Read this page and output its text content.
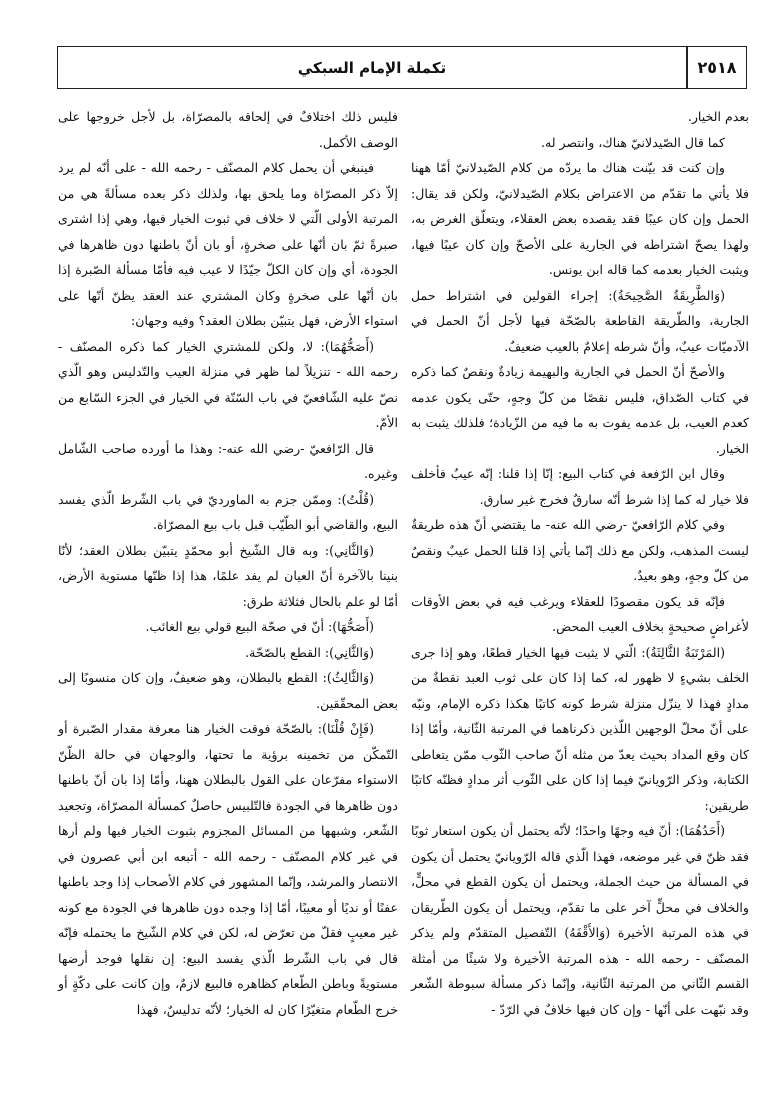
٢٥١٨
تكملة الإمام السبكي

بعدم الخيار.

كما قال الصّيدلانيّ هناك، وانتصر له.

وإن كنت قد بيّنت هناك ما يردّه من كلام الصّيدلانيّ أمّا ههنا فلا يأتي ما تقدّم من الاعتراض بكلام الصّيدلانيّ، ولكن قد يقال: الحمل وإن كان عيبًا فقد يقصده بعض العقلاء، ويتعلّق الغرض به، ولهذا يصحّ اشتراطه في الجارية على الأصحّ وإن كان عيبًا فيها، ويثبت الخيار بعدمه كما قاله ابن يونس.

(وَالطَّرِيقَةُ الصَّحِيحَةُ): إجراء القولين في اشتراط حمل الجارية، والطّريقة القاطعة بالصّحّة فيها لأجل أنّ الحمل في الآدميّات عيبٌ، وأنّ شرطه إعلامٌ بالعيب ضعيفٌ.

والأصحّ أنّ الحمل في الجارية والبهيمة زيادةٌ ونقصٌ كما ذكره في كتاب الصّداق، فليس نقصًا من كلّ وجهٍ، حتّى يكون عدمه كعدم العيب، بل عدمه يفوت به ما فيه من الزّيادة؛ فلذلك يثبت به الخيار.

وقال ابن الرّفعة في كتاب البيع: إنّا إذا قلنا: إنّه عيبٌ فأخلف فلا خيار له كما إذا شرط أنّه سارقٌ فخرج غير سارق.

وفي كلام الرّافعيّ -رضي الله عنه- ما يقتضي أنّ هذه طريقةٌ ليست المذهب، ولكن مع ذلك إنّما يأتي إذا قلنا الحمل عيبٌ ونقصٌ من كلّ وجهٍ، وهو بعيدٌ.

فإنّه قد يكون مقصودًا للعقلاء ويرغب فيه في بعض الأوقات لأغراضٍ صحيحةٍ بخلاف العيب المحض.

(المَرْتَبَةُ الثَّالِثَةُ): الّتي لا يثبت فيها الخيار قطعًا، وهو إذا جرى الخلف بشيءٍ لا ظهور له، كما إذا كان على ثوب العبد نقطةٌ من مدادٍ فهذا لا ينزّل منزلة شرط كونه كاتبًا هكذا ذكره الإمام، ونبّه على أنّ محلّ الوجهين اللّذين ذكرناهما في المرتبة الثّانية، وأمّا إذا كان وقع المداد بحيث يعدّ من مثله أنّ صاحب الثّوب ممّن يتعاطى الكتابة، وذكر الرّويانيّ فيما إذا كان على الثّوب أثر مدادٍ فظنّه كاتبًا طريقين:

(أَحَدُهُمَا): أنّ فيه وجهًا واحدًا؛ لأنّه يحتمل أن يكون استعار ثوبًا فقد ظنّ في غير موضعه، فهذا الّذي قاله الرّويانيّ يحتمل أن يكون في المسألة من حيث الجملة، ويحتمل أن يكون القطع في محلٍّ، والخلاف في محلٍّ آخر على ما تقدّم، ويحتمل أن يكون الطّريقان في هذه المرتبة الأخيرة (وَالأَقْفَهُ) التّفصيل المتقدّم ولم يذكر المصنّف - رحمه الله - هذه المرتبة الأخيرة ولا شيئًا من أمثلة القسم الثّاني من المرتبة الثّانية، وإنّما ذكر مسألة سبوطة الشّعر وقد نبّهت على أنّها - وإن كان فيها خلافٌ في الرّدّ -

فليس ذلك اختلافٌ في إلحاقه بالمصرّاة، بل لأجل خروجها على الوصف الأكمل.

فينبغي أن يحمل كلام المصنّف - رحمه الله - على أنّه لم يرد إلاّ ذكر المصرّاة وما يلحق بها، ولذلك ذكر بعده مسألةً هي من المرتبة الأولى الّتي لا خلاف في ثبوت الخيار فيها، وهي إذا اشترى صبرةً ثمّ بان أنّها على صخرةٍ، أو بان أنّ باطنها دون ظاهرها في الجودة، أي وإن كان الكلّ جيّدًا لا عيب فيه فأمّا مسألة الصّبرة إذا بان أنّها على صخرةٍ وكان المشتري عند العقد يظنّ أنّها على استواء الأرض، فهل يتبيّن بطلان العقد؟ وفيه وجهان:

(أَصَحُّهُمَا): لا، ولكن للمشتري الخيار كما ذكره المصنّف - رحمه الله - تنزيلاً لما ظهر في منزلة العيب والتّدليس وهو الّذي نصّ عليه الشّافعيّ في باب السّنّة في الخيار في الجزء السّابع من الأمّ.

قال الرّافعيّ -رضي الله عنه-: وهذا ما أورده صاحب الشّامل وغيره.

(قُلْتُ): وممّن جزم به الماورديّ في باب الشّرط الّذي يفسد البيع، والقاضي أبو الطّيّب قبل باب بيع المصرّاة.

(وَالثَّانِي): وبه قال الشّيخ أبو محمّدٍ يتبيّن بطلان العقد؛ لأنّا بنينا بالآخرة أنّ العيان لم يفد علمًا، هذا إذا ظنّها مستوية الأرض، أمّا لو علم بالحال فثلاثة طرق:

(أَصَحُّهَا): أنّ في صحّة البيع قولي بيع الغائب.

(وَالثَّانِي): القطع بالصّحّة.

(وَالثَّالِثُ): القطع بالبطلان، وهو ضعيفٌ، وإن كان منسوبًا إلى بعض المحقّقين.

(فَإِنْ قُلْنَا): بالصّحّة فوقت الخيار هنا معرفة مقدار الصّبرة أو التّمكّن من تخمينه برؤية ما تحتها، والوجهان في حالة الظّنّ الاستواء مفرّعان على القول بالبطلان ههنا، وأمّا إذا بان أنّ باطنها دون ظاهرها في الجودة فالتّلبيس حاصلٌ كمسألة المصرّاة، وتجعيد الشّعر، وشبهها من المسائل المجزوم بثبوت الخيار فيها ولم أرها في غير كلام المصنّف - رحمه الله - أتبعه ابن أبي عصرون في الانتصار والمرشد، وإنّما المشهور في كلام الأصحاب إذا وجد باطنها عفنًا أو نديًا أو معيبًا، أمّا إذا وجده دون ظاهرها في الجودة مع كونه غير معيبٍ فقلّ من تعرّض له، لكن في كلام الشّيخ ما يحتمله فإنّه قال في باب الشّرط الّذي يفسد البيع: إن نقلها فوجد أرضها مستويةً وباطن الطّعام كظاهره فالبيع لازمٌ، وإن كانت على دكّةٍ أو خرج الطّعام متغيّرًا كان له الخيار؛ لأنّه تدليسٌ، فهذا
